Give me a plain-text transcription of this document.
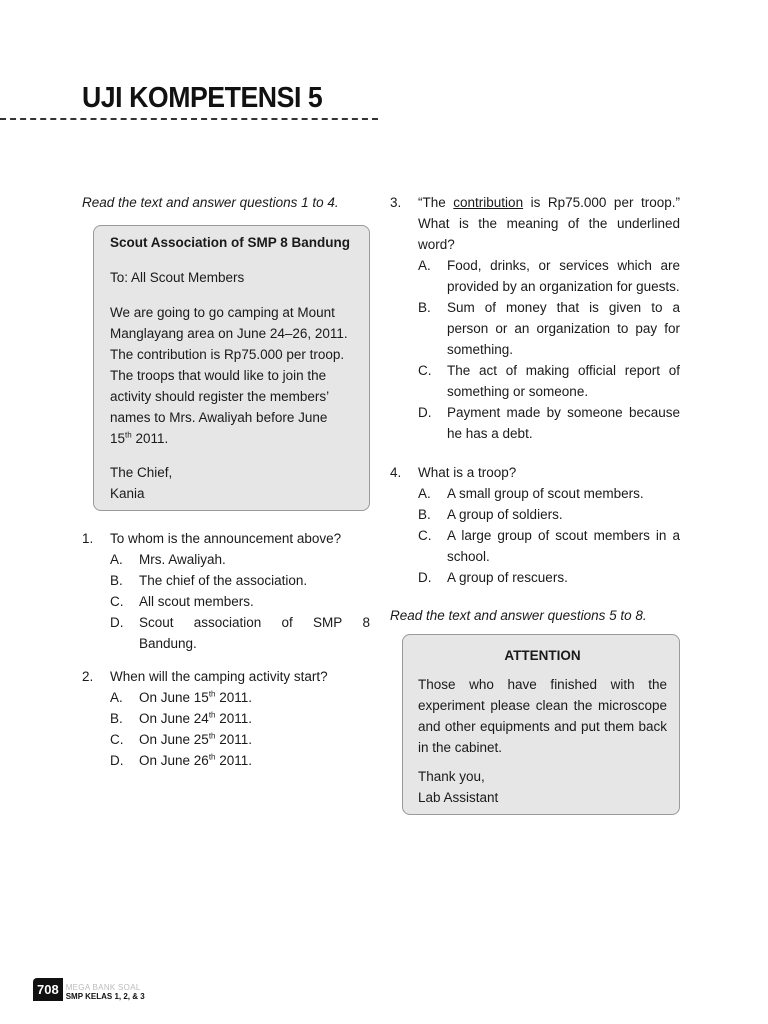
UJI KOMPETENSI 5

Read the text and answer questions 1 to 4.

Scout Association of SMP 8 Bandung

To: All Scout Members

We are going to go camping at Mount
Manglayang area on June 24–26, 2011.
The contribution is Rp75.000 per troop.
The troops that would like to join the
activity should register the members’
names to Mrs. Awaliyah before June
15th 2011.

The Chief,

Kania

1.	To whom is the announcement above?
A.	Mrs. Awaliyah.
B.	The chief of the association.
C.	All scout members.
D.	Scout association of SMP 8
Bandung.
2.	When will the camping activity start?
A.	On June 15th 2011.
B.	On June 24th 2011.
C.	On June 25th 2011.
D.	On June 26th 2011.
3.	“The contribution is Rp75.000 per troop.” What is the meaning of the underlined word?
A.	Food, drinks, or services which are provided by an organization for guests.
B.	Sum of money that is given to a person or an organization to pay for something.
C.	The act of making official report of something or someone.
D.	Payment made by someone because he has a debt.
4.	What is a troop?
A.	A small group of scout members.
B.	A group of soldiers.
C.	A large group of scout members in a school.
D.	A group of rescuers.

Read the text and answer questions 5 to 8.

ATTENTION

Those who have finished with the experiment please clean the microscope and other equipments and put them back in the cabinet.

Thank you,

Lab Assistant

708 MEGA BANK SOAL
SMP KELAS 1, 2, & 3
